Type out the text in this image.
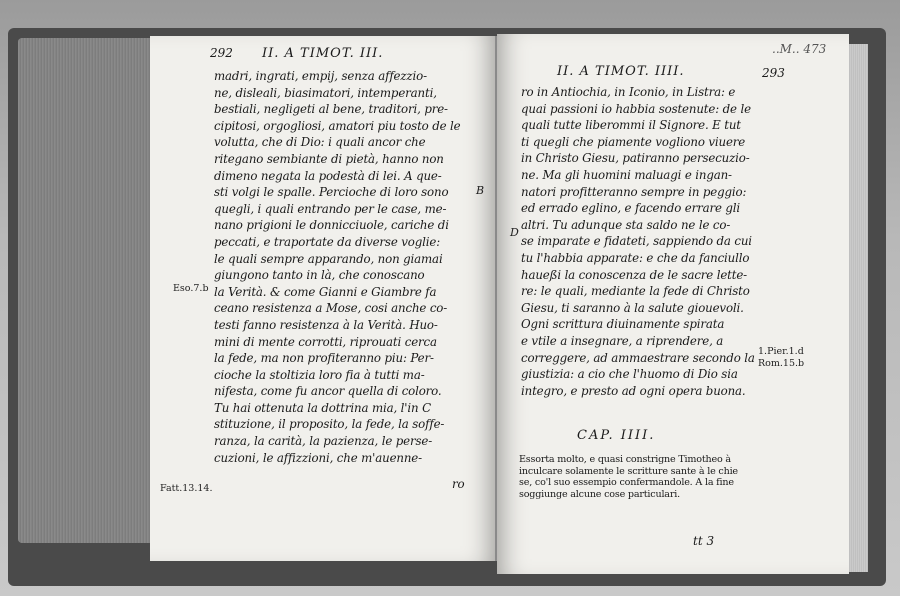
292 II. A TIMOT. III.
madri, ingrati, empij, senza affezzio-
ne, disleali, biasimatori, intemperanti,
bestiali, negligeti al bene, traditori, pre-
cipitosi, orgogliosi, amatori piu tosto de le
volutta, che di Dio: i quali ancor che
ritegano sembiante di pietà, hanno non
dimeno negata la podestà di lei. A que-
sti volgi le spalle. Percioche di loro sono
quegli, i quali entrando per le case, me-
nano prigioni le donnicciuole, cariche di
peccati, e traportate da diverse voglie:
le quali sempre apparando, non giamai
giungono tanto in là, che conoscano
la Verità. & come Gianni e Giambre fa
ceano resistenza a Mose, cosi anche co-
testi fanno resistenza à la Verità. Huo-
mini di mente corrotti, riprouati cerca
la fede, ma non profiteranno piu: Per-
cioche la stoltizia loro fia à tutti ma-
nifesta, come fu ancor quella di coloro.
Tu hai ottenuta la dottrina mia, l'in C
stituzione, il proposito, la fede, la soffe-
ranza, la carità, la pazienza, le perse-
cuzioni, le affizzioni, che m'auenne-
ro
B
Eso.7.b
Fatt.13.14.
..M.. 473
II. A TIMOT. IIII.	293
ro in Antiochia, in Iconio, in Listra: e
quai passioni io habbia sostenute: de le
quali tutte liberommi il Signore. E tut
ti quegli che piamente vogliono viuere
in Christo Giesu, patiranno persecuzio-
ne. Ma gli huomini maluagi e ingan-
natori profitteranno sempre in peggio:
ed errado eglino, e facendo errare gli
altri. Tu adunque sta saldo ne le co-
se imparate e fidateti, sappiendo da cui
tu l'habbia apparate: e che da fanciullo
haueßi la conoscenza de le sacre lette-
re: le quali, mediante la fede di Christo
Giesu, ti saranno à la salute giouevoli.
Ogni scrittura diuinamente spirata
e vtile a insegnare, a riprendere, a
correggere, ad ammaestrare secondo la
giustizia: a cio che l'huomo di Dio sia
integro, e presto ad ogni opera buona.
CAP. IIII.
Essorta molto, e quasi constrigne Timotheo à
inculcare solamente le scritture sante à le chie
se, co'l suo essempio confermandole. A la fine
soggiunge alcune cose particulari.
tt 3
D
1.Pier.1.d
Rom.15.b
